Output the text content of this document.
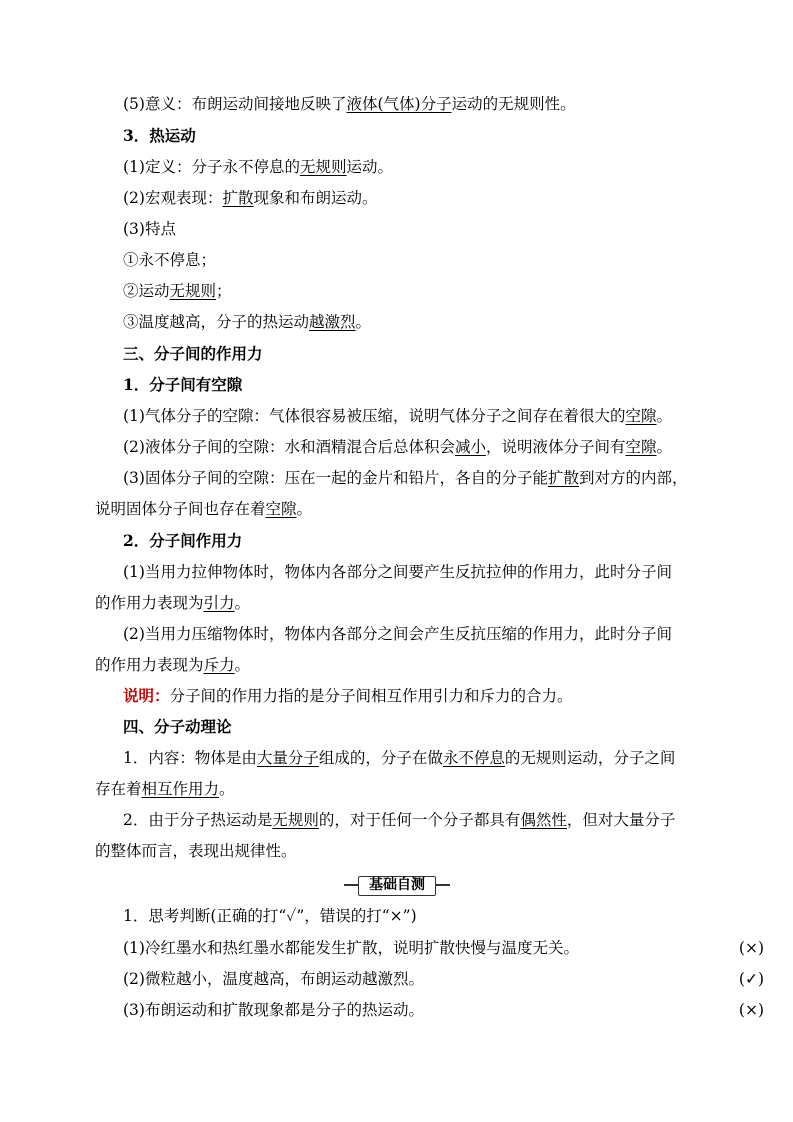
(5)意义：布朗运动间接地反映了液体(气体)分子运动的无规则性。
3．热运动
(1)定义：分子永不停息的无规则运动。
(2)宏观表现：扩散现象和布朗运动。
(3)特点
①永不停息；
②运动无规则；
③温度越高，分子的热运动越激烈。
三、分子间的作用力
1．分子间有空隙
(1)气体分子的空隙：气体很容易被压缩，说明气体分子之间存在着很大的空隙。
(2)液体分子间的空隙：水和酒精混合后总体积会减小，说明液体分子间有空隙。
(3)固体分子间的空隙：压在一起的金片和铅片，各自的分子能扩散到对方的内部，
说明固体分子间也存在着空隙。
2．分子间作用力
(1)当用力拉伸物体时，物体内各部分之间要产生反抗拉伸的作用力，此时分子间
的作用力表现为引力。
(2)当用力压缩物体时，物体内各部分之间会产生反抗压缩的作用力，此时分子间
的作用力表现为斥力。
说明：分子间的作用力指的是分子间相互作用引力和斥力的合力。
四、分子动理论
1．内容：物体是由大量分子组成的，分子在做永不停息的无规则运动，分子之间
存在着相互作用力。
2．由于分子热运动是无规则的，对于任何一个分子都具有偶然性，但对大量分子
的整体而言，表现出规律性。
基础自测
1．思考判断(正确的打“✓”，错误的打“×”)
(1)冷红墨水和热红墨水都能发生扩散，说明扩散快慢与温度无关。	(×)
(2)微粒越小，温度越高，布朗运动越激烈。	(✓)
(3)布朗运动和扩散现象都是分子的热运动。	(×)
